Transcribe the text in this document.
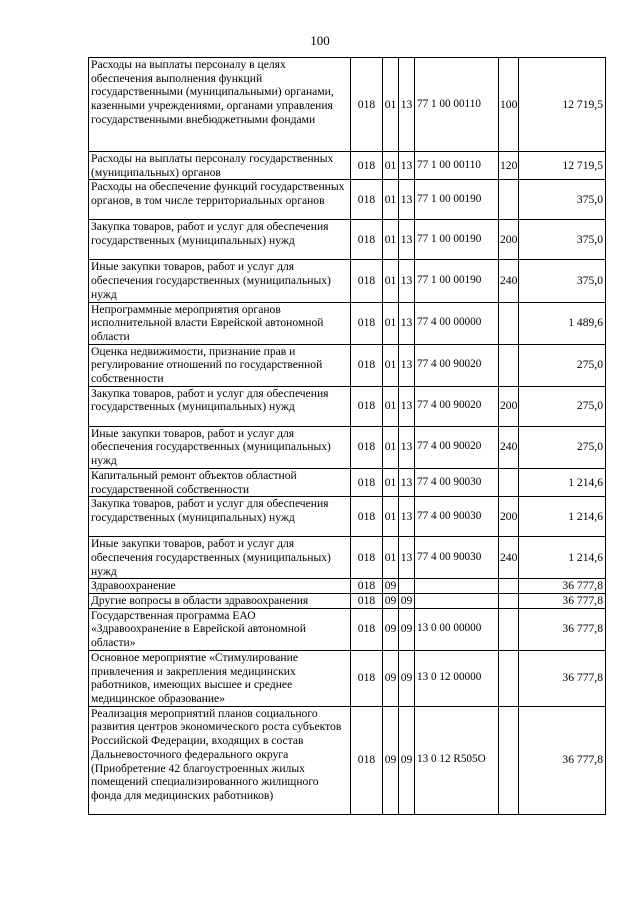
100
Расходы на выплаты персоналу в целях обеспечения выполнения функций государственными (муниципальными) органами, казенными учреждениями, органами управления государственными внебюджетными фондами	018	01	13	77 1 00 00110	100	12 719,5
Расходы на выплаты персоналу государственных (муниципальных) органов	018	01	13	77 1 00 00110	120	12 719,5
Расходы на обеспечение функций государственных органов, в том числе территориальных органов	018	01	13	77 1 00 00190		375,0
Закупка товаров, работ и услуг для обеспечения государственных (муниципальных) нужд	018	01	13	77 1 00 00190	200	375,0
Иные закупки товаров, работ и услуг для обеспечения государственных (муниципальных) нужд	018	01	13	77 1 00 00190	240	375,0
Непрограммные мероприятия органов исполнительной власти Еврейской автономной области	018	01	13	77 4 00 00000		1 489,6
Оценка недвижимости, признание прав и регулирование отношений по государственной собственности	018	01	13	77 4 00 90020		275,0
Закупка товаров, работ и услуг для обеспечения государственных (муниципальных) нужд	018	01	13	77 4 00 90020	200	275,0
Иные закупки товаров, работ и услуг для обеспечения государственных (муниципальных) нужд	018	01	13	77 4 00 90020	240	275,0
Капитальный ремонт объектов областной государственной собственности	018	01	13	77 4 00 90030		1 214,6
Закупка товаров, работ и услуг для обеспечения государственных (муниципальных) нужд	018	01	13	77 4 00 90030	200	1 214,6
Иные закупки товаров, работ и услуг для обеспечения государственных (муниципальных) нужд	018	01	13	77 4 00 90030	240	1 214,6
Здравоохранение	018	09				36 777,8
Другие вопросы в области здравоохранения	018	09	09			36 777,8
Государственная программа ЕАО «Здравоохранение в Еврейской автономной области»	018	09	09	13 0 00 00000		36 777,8
Основное мероприятие «Стимулирование привлечения и закрепления медицинских работников, имеющих высшее и среднее медицинское образование»	018	09	09	13 0 12 00000		36 777,8
Реализация мероприятий планов социального развития центров экономического роста субъектов Российской Федерации, входящих в состав Дальневосточного федерального округа (Приобретение 42 благоустроенных жилых помещений специализированного жилищного фонда для медицинских работников)	018	09	09	13 0 12 R505O		36 777,8
